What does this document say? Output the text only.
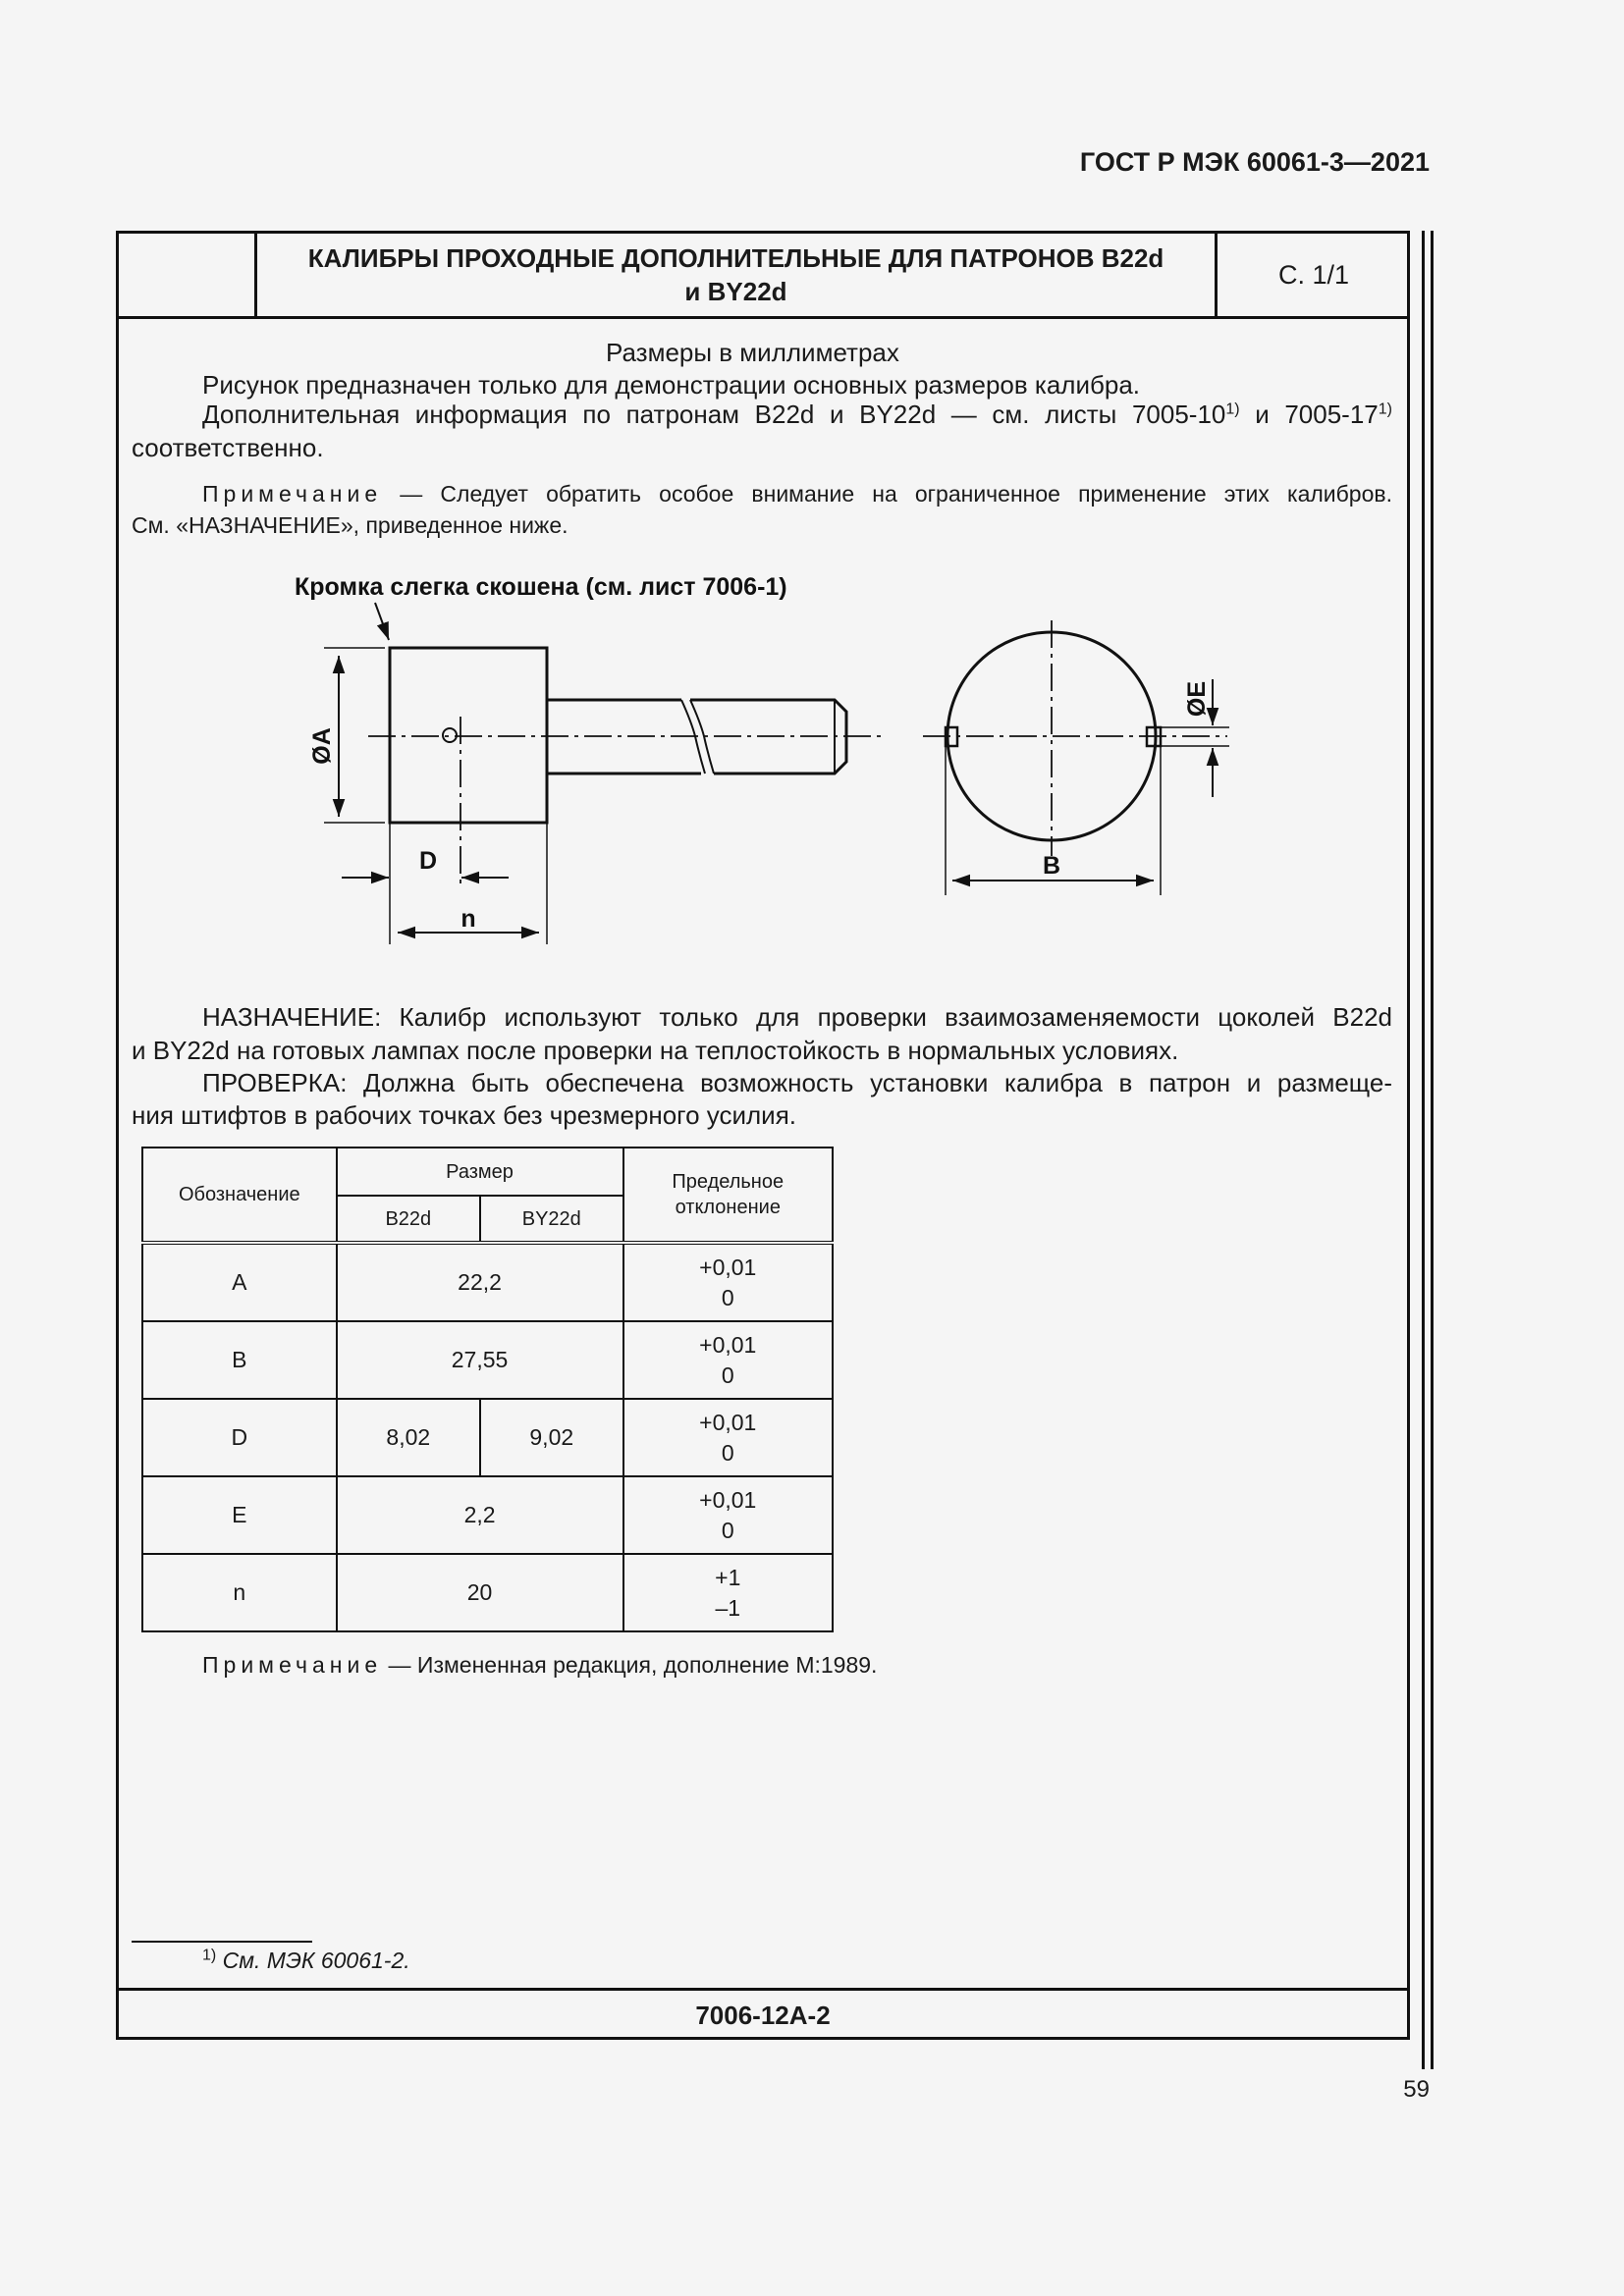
ГОСТ Р МЭК 60061-3—2021
КАЛИБРЫ ПРОХОДНЫЕ ДОПОЛНИТЕЛЬНЫЕ ДЛЯ ПАТРОНОВ B22d
и BY22d
С. 1/1
Размеры в миллиметрах
Рисунок предназначен только для демонстрации основных размеров калибра.
Дополнительная информация по патронам B22d и BY22d — см. листы 7005-10$^{1)}$ и 7005-17$^{1)}$
соответственно.
Примечание — Следует обратить особое внимание на ограниченное применение этих калибров.
См. «НАЗНАЧЕНИЕ», приведенное ниже.
Кромка слегка скошена (см. лист 7006-1)
ØA
D
n
ØE
B
НАЗНАЧЕНИЕ: Калибр используют только для проверки взаимозаменяемости цоколей B22d
и BY22d на готовых лампах после проверки на теплостойкость в нормальных условиях.
ПРОВЕРКА: Должна быть обеспечена возможность установки калибра в патрон и размеще-
ния штифтов в рабочих точках без чрезмерного усилия.
Обозначение	Размер		Предельное отклонение
	B22d	BY22d	
A	22,2		+0,01
0
B	27,55		+0,01
0
D	8,02	9,02	+0,01
0
E	2,2		+0,01
0
n	20		+1
–1
Примечание — Измененная редакция, дополнение М:1989.
$^{1)}$ См. МЭК 60061-2.
7006-12A-2
59
